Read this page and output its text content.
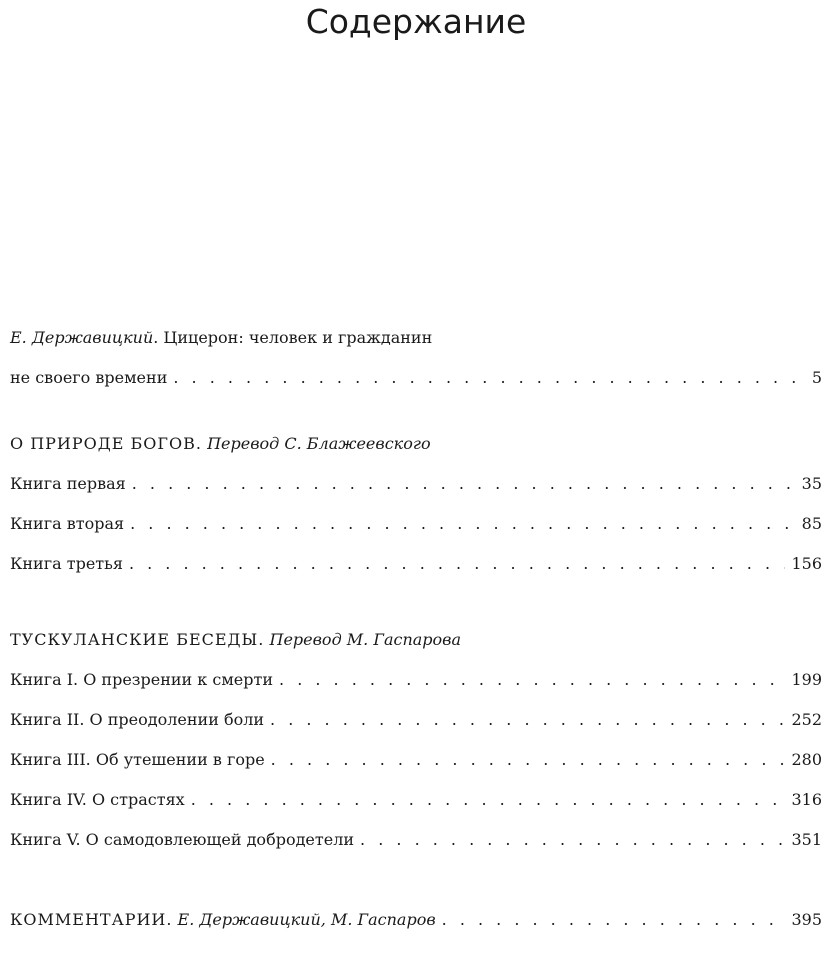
Содержание
Е. Державицкий. Цицерон: человек и гражданин
не своего времени . . .	5
О ПРИРОДЕ БОГОВ. Перевод С. Блажеевского
Книга первая . . .	35
Книга вторая . . .	85
Книга третья . . .	156
ТУСКУЛАНСКИЕ БЕСЕДЫ. Перевод М. Гаспарова
Книга I. О презрении к смерти . . .	199
Книга II. О преодолении боли . . .	252
Книга III. Об утешении в горе . . .	280
Книга IV. О страстях . . .	316
Книга V. О самодовлеющей добродетели . . .	351
КОММЕНТАРИИ. Е. Державицкий, М. Гаспаров . . .	395
